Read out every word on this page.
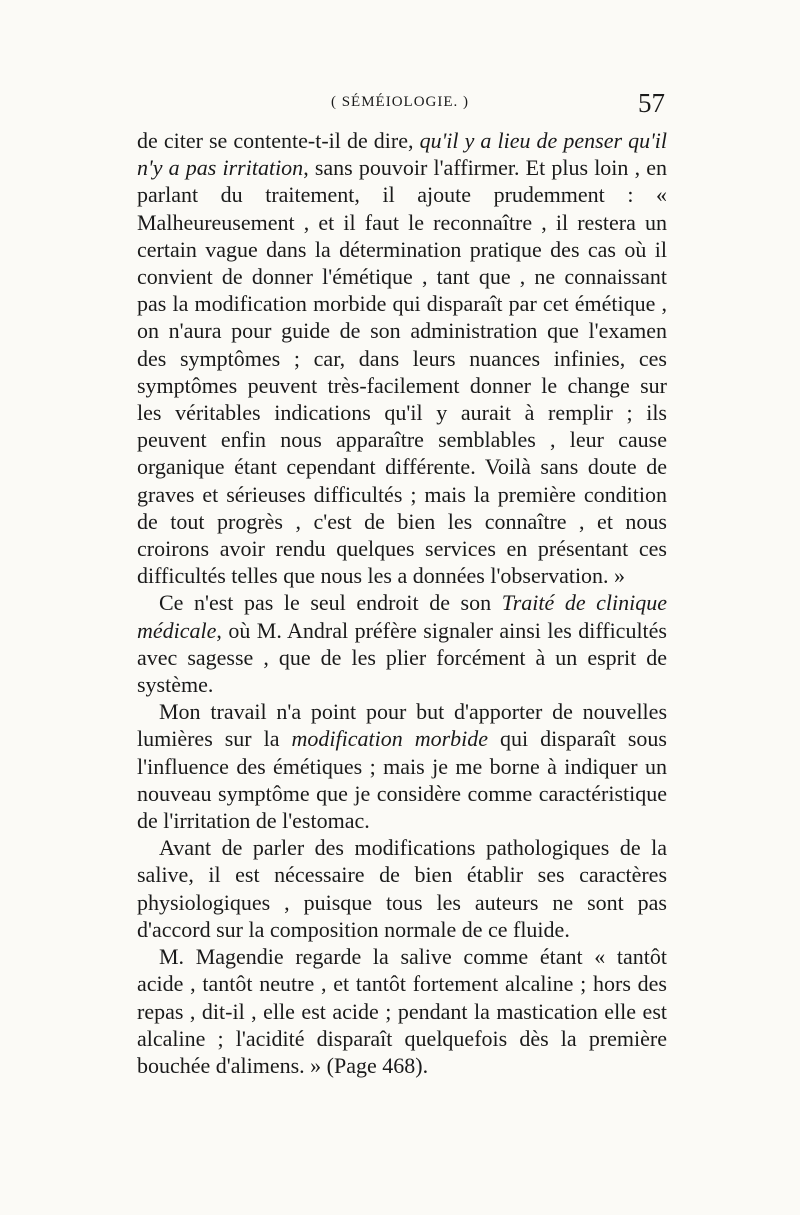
( SÉMÉIOLOGIE. )	57

de citer se contente-t-il de dire, qu'il y a lieu de penser qu'il n'y a pas irritation, sans pouvoir l'affirmer. Et plus loin , en parlant du traitement, il ajoute prudemment : « Malheureusement , et il faut le reconnaître , il restera un certain vague dans la détermination pratique des cas où il convient de donner l'émétique , tant que , ne connaissant pas la modification morbide qui disparaît par cet émétique , on n'aura pour guide de son administration que l'examen des symptômes ; car, dans leurs nuances infinies, ces symptômes peuvent très-facilement donner le change sur les véritables indications qu'il y aurait à remplir ; ils peuvent enfin nous apparaître semblables , leur cause organique étant cependant différente. Voilà sans doute de graves et sérieuses difficultés ; mais la première condition de tout progrès , c'est de bien les connaître , et nous croirons avoir rendu quelques services en présentant ces difficultés telles que nous les a données l'observation. »

Ce n'est pas le seul endroit de son Traité de clinique médicale, où M. Andral préfère signaler ainsi les difficultés avec sagesse , que de les plier forcément à un esprit de système.

Mon travail n'a point pour but d'apporter de nouvelles lumières sur la modification morbide qui disparaît sous l'influence des émétiques ; mais je me borne à indiquer un nouveau symptôme que je considère comme caractéristique de l'irritation de l'estomac.

Avant de parler des modifications pathologiques de la salive, il est nécessaire de bien établir ses caractères physiologiques , puisque tous les auteurs ne sont pas d'accord sur la composition normale de ce fluide.

M. Magendie regarde la salive comme étant « tantôt acide , tantôt neutre , et tantôt fortement alcaline ; hors des repas , dit-il , elle est acide ; pendant la mastication elle est alcaline ; l'acidité disparaît quelquefois dès la première bouchée d'alimens. » (Page 468).
